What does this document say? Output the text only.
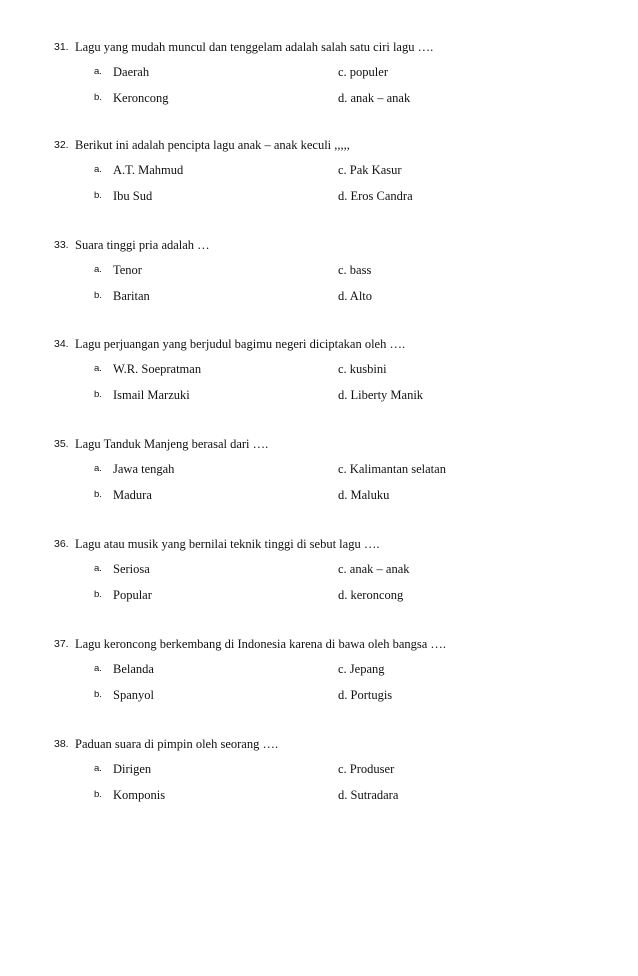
31. Lagu yang mudah muncul dan tenggelam adalah salah satu ciri lagu ….
a. Daerah	c. populer
b. Keroncong	d. anak – anak
32. Berikut ini adalah pencipta lagu anak – anak keculi ,,,,,
a. A.T. Mahmud	c. Pak Kasur
b. Ibu Sud	d. Eros Candra
33. Suara tinggi pria adalah …
a. Tenor	c. bass
b. Baritan	d. Alto
34. Lagu perjuangan yang berjudul bagimu negeri diciptakan oleh ….
a. W.R. Soepratman	c. kusbini
b. Ismail Marzuki	d. Liberty Manik
35. Lagu Tanduk Manjeng berasal dari ….
a. Jawa tengah	c. Kalimantan selatan
b. Madura	d. Maluku
36. Lagu atau musik yang bernilai teknik tinggi di sebut lagu ….
a. Seriosa	c. anak – anak
b. Popular	d. keroncong
37. Lagu keroncong berkembang di Indonesia karena di bawa oleh bangsa ….
a. Belanda	c. Jepang
b. Spanyol	d. Portugis
38. Paduan suara di pimpin oleh seorang ….
a. Dirigen	c. Produser
b. Komponis	d. Sutradara
